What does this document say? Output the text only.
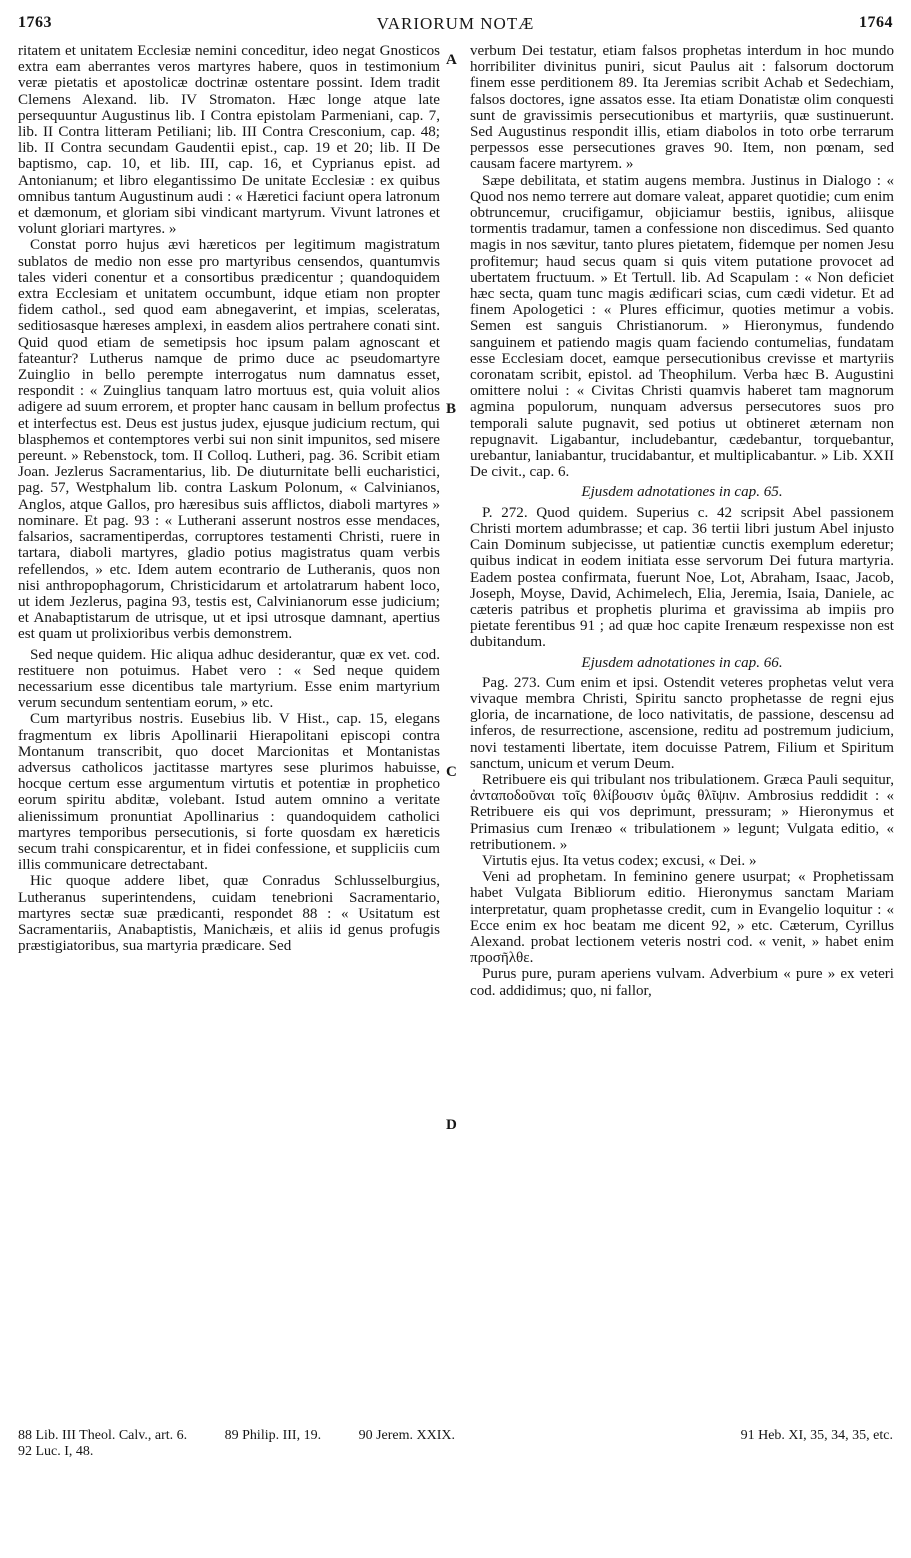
1763	VARIORUM NOTÆ	1764

ritatem et unitatem Ecclesiæ nemini conceditur, ideo negat Gnosticos extra eam aberrantes veros martyres habere, quos in testimonium veræ pietatis et apostolicæ doctrinæ ostentare possint. Idem tradit Clemens Alexand. lib. IV Stromaton. Hæc longe atque late persequuntur Augustinus lib. I Contra epistolam Parmeniani, cap. 7, lib. II Contra litteram Petiliani; lib. III Contra Cresconium, cap. 48; lib. II Contra secundam Gaudentii epist., cap. 19 et 20; lib. II De baptismo, cap. 10, et lib. III, cap. 16, et Cyprianus epist. ad Antonianum; et libro elegantissimo De unitate Ecclesiæ : ex quibus omnibus tantum Augustinum audi : « Hæretici faciunt opera latronum et dæmonum, et gloriam sibi vindicant martyrum. Vivunt latrones et volunt gloriari martyres. »

Constat porro hujus ævi hæreticos per legitimum magistratum sublatos de medio non esse pro martyribus censendos, quantumvis tales videri conentur et a consortibus prædicentur ; quandoquidem extra Ecclesiam et unitatem occumbunt, idque etiam non propter fidem cathol., sed quod eam abnegaverint, et impias, sceleratas, seditiosasque hæreses amplexi, in easdem alios pertrahere conati sint. Quid quod etiam de semetipsis hoc ipsum palam agnoscant et fateantur? Lutherus namque de primo duce ac pseudomartyre Zuinglio in bello perempte interrogatus num damnatus esset, respondit : « Zuinglius tanquam latro mortuus est, quia voluit alios adigere ad suum errorem, et propter hanc causam in bellum profectus et interfectus est. Deus est justus judex, ejusque judicium rectum, qui blasphemos et contemptores verbi sui non sinit impunitos, sed misere pereunt. » Rebenstock, tom. II Colloq. Lutheri, pag. 36. Scribit etiam Joan. Jezlerus Sacramentarius, lib. De diuturnitate belli eucharistici, pag. 57, Westphalum lib. contra Laskum Polonum, « Calvinianos, Anglos, atque Gallos, pro hæresibus suis afflictos, diaboli martyres » nominare. Et pag. 93 : « Lutherani asserunt nostros esse mendaces, falsarios, sacramentiperdas, corruptores testamenti Christi, ruere in tartara, diaboli martyres, gladio potius magistratus quam verbis refellendos, » etc. Idem autem econtrario de Lutheranis, quos non nisi anthropophagorum, Christicidarum et artolatrarum habent loco, ut idem Jezlerus, pagina 93, testis est, Calvinianorum esse judicium; et Anabaptistarum de utrisque, ut et ipsi utrosque damnant, apertius est quam ut prolixioribus verbis demonstrem.

Sed neque quidem. Hic aliqua adhuc desiderantur, quæ ex vet. cod. restituere non potuimus. Habet vero : « Sed neque quidem necessarium esse dicentibus tale martyrium. Esse enim martyrium verum secundum sententiam eorum, » etc.

Cum martyribus nostris. Eusebius lib. V Hist., cap. 15, elegans fragmentum ex libris Apollinarii Hierapolitani episcopi contra Montanum transcribit, quo docet Marcionitas et Montanistas adversus catholicos jactitasse martyres sese plurimos habuisse, hocque certum esse argumentum virtutis et potentiæ in prophetico eorum spiritu abditæ, volebant. Istud autem omnino a veritate alienissimum pronuntiat Apollinarius : quandoquidem catholici martyres temporibus persecutionis, si forte quosdam ex hæreticis secum trahi conspicarentur, et in fidei confessione, et suppliciis cum illis communicare detrectabant.

Hic quoque addere libet, quæ Conradus Schlusselburgius, Lutheranus superintendens, cuidam tenebrioni Sacramentario, martyres sectæ suæ prædicanti, respondet 88 : « Usitatum est Sacramentariis, Anabaptistis, Manichæis, et aliis id genus profugis præstigiatoribus, sua martyria prædicare. Sed

A
B
C
D

verbum Dei testatur, etiam falsos prophetas interdum in hoc mundo horribiliter divinitus puniri, sicut Paulus ait : falsorum doctorum finem esse perditionem 89. Ita Jeremias scribit Achab et Sedechiam, falsos doctores, igne assatos esse. Ita etiam Donatistæ olim conquesti sunt de gravissimis persecutionibus et martyriis, quæ sustinuerunt. Sed Augustinus respondit illis, etiam diabolos in toto orbe terrarum perpessos esse persecutiones graves 90. Item, non pœnam, sed causam facere martyrem. »

Sæpe debilitata, et statim augens membra. Justinus in Dialogo : « Quod nos nemo terrere aut domare valeat, apparet quotidie; cum enim obtruncemur, crucifigamur, objiciamur bestiis, ignibus, aliisque tormentis tradamur, tamen a confessione non discedimus. Sed quanto magis in nos sævitur, tanto plures pietatem, fidemque per nomen Jesu profitemur; haud secus quam si quis vitem putatione provocet ad ubertatem fructuum. » Et Tertull. lib. Ad Scapulam : « Non deficiet hæc secta, quam tunc magis ædificari scias, cum cædi videtur. Et ad finem Apologetici : « Plures efficimur, quoties metimur a vobis. Semen est sanguis Christianorum. » Hieronymus, fundendo sanguinem et patiendo magis quam faciendo contumelias, fundatam esse Ecclesiam docet, eamque persecutionibus crevisse et martyriis coronatam scribit, epistol. ad Theophilum. Verba hæc B. Augustini omittere nolui : « Civitas Christi quamvis haberet tam magnorum agmina populorum, nunquam adversus persecutores suos pro temporali salute pugnavit, sed potius ut obtineret æternam non repugnavit. Ligabantur, includebantur, cædebantur, torquebantur, urebantur, laniabantur, trucidabantur, et multiplicabantur. » Lib. XXII De civit., cap. 6.

Ejusdem adnotationes in cap. 65.

P. 272. Quod quidem. Superius c. 42 scripsit Abel passionem Christi mortem adumbrasse; et cap. 36 tertii libri justum Abel injusto Cain Dominum subjecisse, ut patientiæ cunctis exemplum ederetur; quibus indicat in eodem initiata esse servorum Dei futura martyria. Eadem postea confirmata, fuerunt Noe, Lot, Abraham, Isaac, Jacob, Joseph, Moyse, David, Achimelech, Elia, Jeremia, Isaia, Daniele, ac cæteris patribus et prophetis plurima et gravissima ab impiis pro pietate ferentibus 91 ; ad quæ hoc capite Irenæum respexisse non est dubitandum.

Ejusdem adnotationes in cap. 66.

Pag. 273. Cum enim et ipsi. Ostendit veteres prophetas velut vera vivaque membra Christi, Spiritu sancto prophetasse de regni ejus gloria, de incarnatione, de loco nativitatis, de passione, descensu ad inferos, de resurrectione, ascensione, reditu ad postremum judicium, novi testamenti libertate, item docuisse Patrem, Filium et Spiritum sanctum, unicum et verum Deum.

Retribuere eis qui tribulant nos tribulationem. Græca Pauli sequitur, ἀνταποδοῦναι τοῖς θλίβουσιν ὑμᾶς θλῖψιν. Ambrosius reddidit : « Retribuere eis qui vos deprimunt, pressuram; » Hieronymus et Primasius cum Irenæo « tribulationem » legunt; Vulgata editio, « retributionem. »

Virtutis ejus. Ita vetus codex; excusi, « Dei. »

Veni ad prophetam. In feminino genere usurpat; « Prophetissam habet Vulgata Bibliorum editio. Hieronymus sanctam Mariam interpretatur, quam prophetasse credit, cum in Evangelio loquitur : « Ecce enim ex hoc beatam me dicent 92, » etc. Cæterum, Cyrillus Alexand. probat lectionem veteris nostri cod. « venit, » habet enim προσῆλθε.

Purus pure, puram aperiens vulvam. Adverbium « pure » ex veteri cod. addidimus; quo, ni fallor,

88 Lib. III Theol. Calv., art. 6.	89 Philip. III, 19.	90 Jerem. XXIX.	91 Heb. XI, 35, 34, 35, etc.
92 Luc. I, 48.
